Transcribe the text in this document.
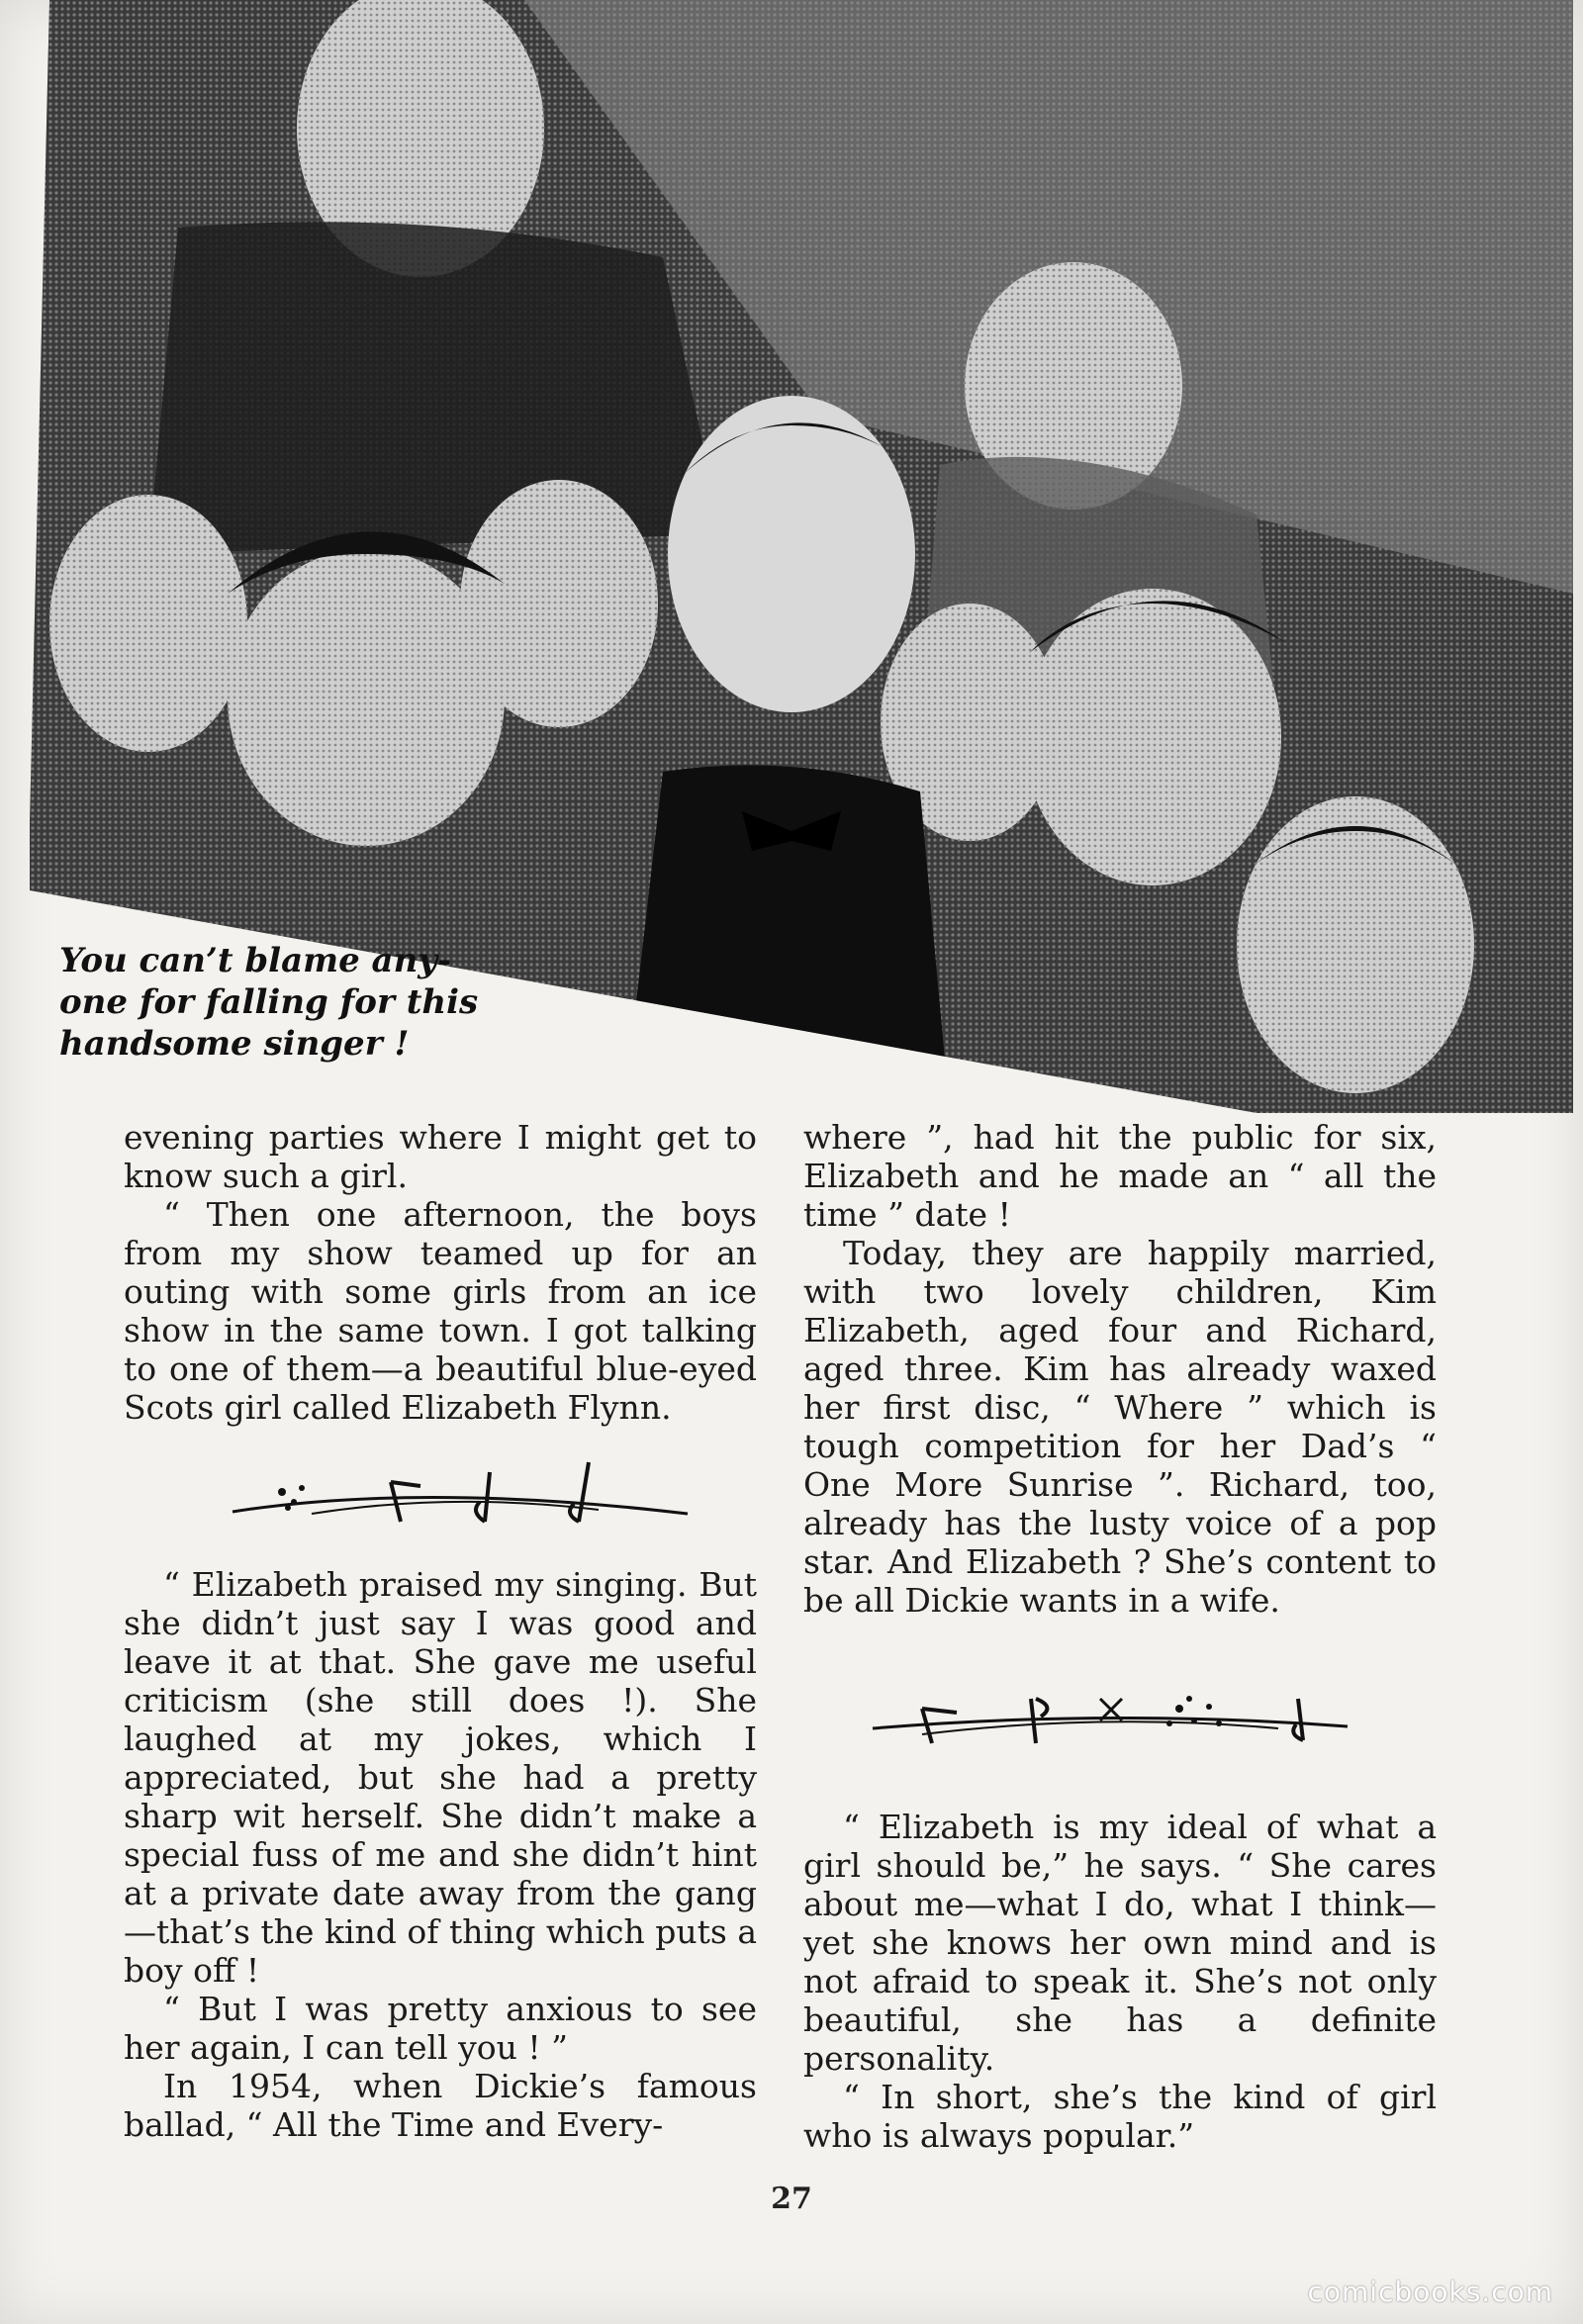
You can’t blame any-one for falling for this handsome singer !

evening parties where I might get to know such a girl.

“ Then one afternoon, the boys from my show teamed up for an outing with some girls from an ice show in the same town. I got talking to one of them—a beautiful blue-eyed Scots girl called Elizabeth Flynn.

“ Elizabeth praised my singing. But she didn’t just say I was good and leave it at that. She gave me useful criticism (she still does !). She laughed at my jokes, which I appreciated, but she had a pretty sharp wit herself. She didn’t make a special fuss of me and she didn’t hint at a private date away from the gang—that’s the kind of thing which puts a boy off !

“ But I was pretty anxious to see her again, I can tell you ! ”

In 1954, when Dickie’s famous ballad, “ All the Time and Every-

where ”, had hit the public for six, Elizabeth and he made an “ all the time ” date !

Today, they are happily married, with two lovely children, Kim Elizabeth, aged four and Richard, aged three. Kim has already waxed her first disc, “ Where ” which is tough competition for her Dad’s “ One More Sunrise ”. Richard, too, already has the lusty voice of a pop star. And Elizabeth ? She’s content to be all Dickie wants in a wife.

“ Elizabeth is my ideal of what a girl should be,” he says. “ She cares about me—what I do, what I think—yet she knows her own mind and is not afraid to speak it. She’s not only beautiful, she has a definite personality.

“ In short, she’s the kind of girl who is always popular.”

27
comicbooks.com
